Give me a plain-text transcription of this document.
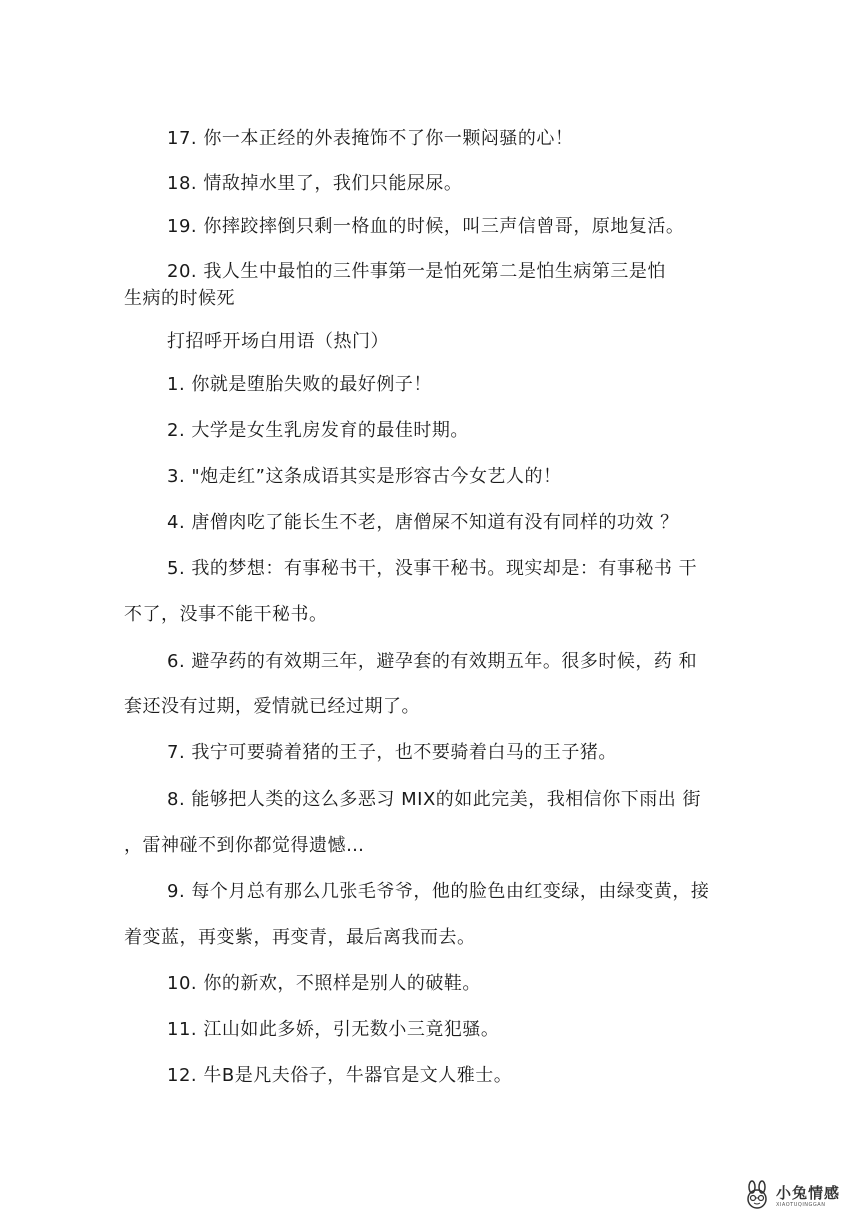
17. 你一本正经的外表掩饰不了你一颗闷骚的心！
18. 情敌掉水里了，我们只能尿尿。
19. 你摔跤摔倒只剩一格血的时候，叫三声信曾哥，原地复活。
20. 我人生中最怕的三件事第一是怕死第二是怕生病第三是怕
生病的时候死
打招呼开场白用语（热门）
1. 你就是堕胎失败的最好例子！
2. 大学是女生乳房发育的最佳时期。
3. "炮走红”这条成语其实是形容古今女艺人的！
4. 唐僧肉吃了能长生不老，唐僧屎不知道有没有同样的功效 ？
5. 我的梦想：有事秘书干，没事干秘书。现实却是：有事秘书 干
不了，没事不能干秘书。
6. 避孕药的有效期三年，避孕套的有效期五年。很多时候，药 和
套还没有过期，爱情就已经过期了。
7. 我宁可要骑着猪的王子，也不要骑着白马的王子猪。
8. 能够把人类的这么多恶习 MIX的如此完美，我相信你下雨出 街
，雷神碰不到你都觉得遗憾…
9. 每个月总有那么几张毛爷爷，他的脸色由红变绿，由绿变黄，接
着变蓝，再变紫，再变青，最后离我而去。
10. 你的新欢，不照样是别人的破鞋。
11. 江山如此多娇，引无数小三竟犯骚。
12. 牛B是凡夫俗子，牛器官是文人雅士。
小兔情感
XIAOTUQINGGAN
